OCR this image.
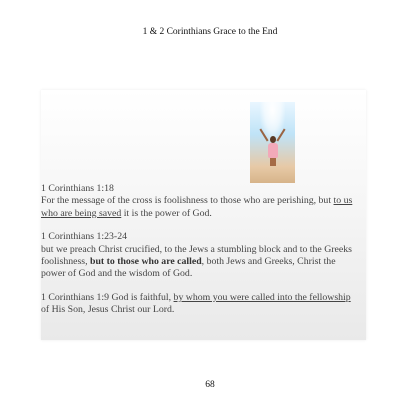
1 & 2 Corinthians Grace to the End

1 Corinthians 1:18
For the message of the cross is foolishness to those who are perishing, but to us who are being saved it is the power of God.

1 Corinthians 1:23-24
but we preach Christ crucified, to the Jews a stumbling block and to the Greeks foolishness, but to those who are called, both Jews and Greeks, Christ the power of God and the wisdom of God.

1 Corinthians 1:9 God is faithful, by whom you were called into the fellowship of His Son, Jesus Christ our Lord.

68
